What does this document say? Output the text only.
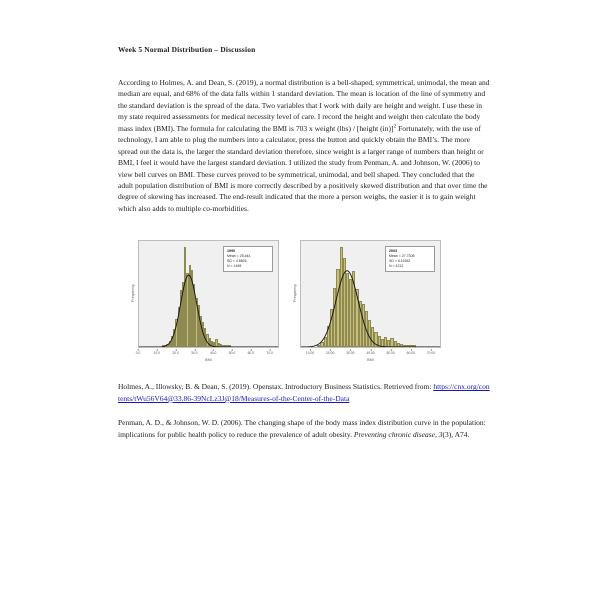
Week 5 Normal Distribution – Discussion

According to Holmes, A. and Dean, S. (2019), a normal distribution is a bell-shaped, symmetrical, unimodal, the mean and median are equal, and 68% of the data falls within 1 standard deviation. The mean is location of the line of symmetry and the standard deviation is the spread of the data. Two variables that I work with daily are height and weight. I use these in my state required assessments for medical necessity level of care. I record the height and weight then calculate the body mass index (BMI). The formula for calculating the BMI is 703 x weight (lbs) / [height (in)]$^2$ Fortunately, with the use of technology, I am able to plug the numbers into a calculator, press the button and quickly obtain the BMI’s. The more spread out the data is, the larger the standard deviation therefore, since weight is a larger range of numbers than height or BMI, I feel it would have the largest standard deviation. I utilized the study from Penman, A. and Johnson, W. (2006) to view bell curves on BMI. These curves proved to be symmetrical, unimodal, and bell shaped. They concluded that the adult population distribution of BMI is more correctly described by a positively skewed distribution and that over time the degree of skewing has increased. The end-result indicated that the more a person weighs, the easier it is to gain weight which also adds to multiple co-morbidities.

Frequency
1990
Mean = 25.444
SD = 4.8826
N = 1498
0.0	10.0	20.0	30.0	40.0	50.0	60.0	70.0
BMI
Frequency
2003
Mean = 27.7308
SD = 6.11952
N = 4212
10.00	20.00	30.00	40.00	50.00	60.00	70.00
BMI

Holmes, A., Illowsky, B. & Dean, S. (2019). Openstax. Introductory Business Statistics. Retrieved from: https://cnx.org/contents/tWu56V64@33.86-39NcLz3J@18/Measures-of-the-Center-of-the-Data

Penman, A. D., & Johnson, W. D. (2006). The changing shape of the body mass index distribution curve in the population: implications for public health policy to reduce the prevalence of adult obesity. Preventing chronic disease, 3(3), A74.
